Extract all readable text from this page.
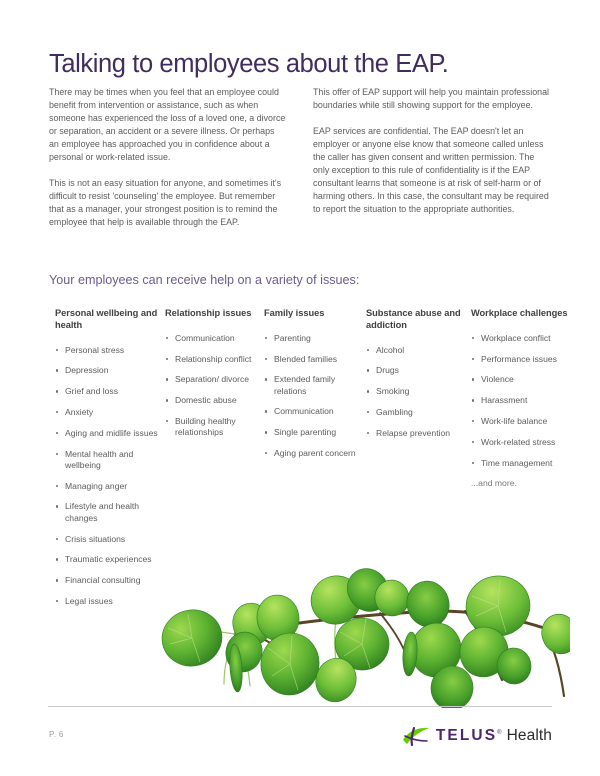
Talking to employees about the EAP.

There may be times when you feel that an employee could benefit from intervention or assistance, such as when someone has experienced the loss of a loved one, a divorce or separation, an accident or a severe illness. Or perhaps an employee has approached you in confidence about a personal or work-related issue.

This is not an easy situation for anyone, and sometimes it's difficult to resist 'counseling' the employee. But remember that as a manager, your strongest position is to remind the employee that help is available through the EAP.

This offer of EAP support will help you maintain professional boundaries while still showing support for the employee.

EAP services are confidential. The EAP doesn't let an employer or anyone else know that someone called unless the caller has given consent and written permission. The only exception to this rule of confidentiality is if the EAP consultant learns that someone is at risk of self-harm or of harming others. In this case, the consultant may be required to report the situation to the appropriate authorities.

Your employees can receive help on a variety of issues:
Personal wellbeing and health
Personal stress
Depression
Grief and loss
Anxiety
Aging and midlife issues
Mental health and wellbeing
Managing anger
Lifestyle and health changes
Crisis situations
Traumatic experiences
Financial consulting
Legal issues
Relationship issues
Communication
Relationship conflict
Separation/ divorce
Domestic abuse
Building healthy relationships
Family issues
Parenting
Blended families
Extended family relations
Communication
Single parenting
Aging parent concern
Substance abuse and addiction
Alcohol
Drugs
Smoking
Gambling
Relapse prevention
Workplace challenges
Workplace conflict
Performance issues
Violence
Harassment
Work-life balance
Work-related stress
Time management
...and more.
P. 6	TELUS® Health
